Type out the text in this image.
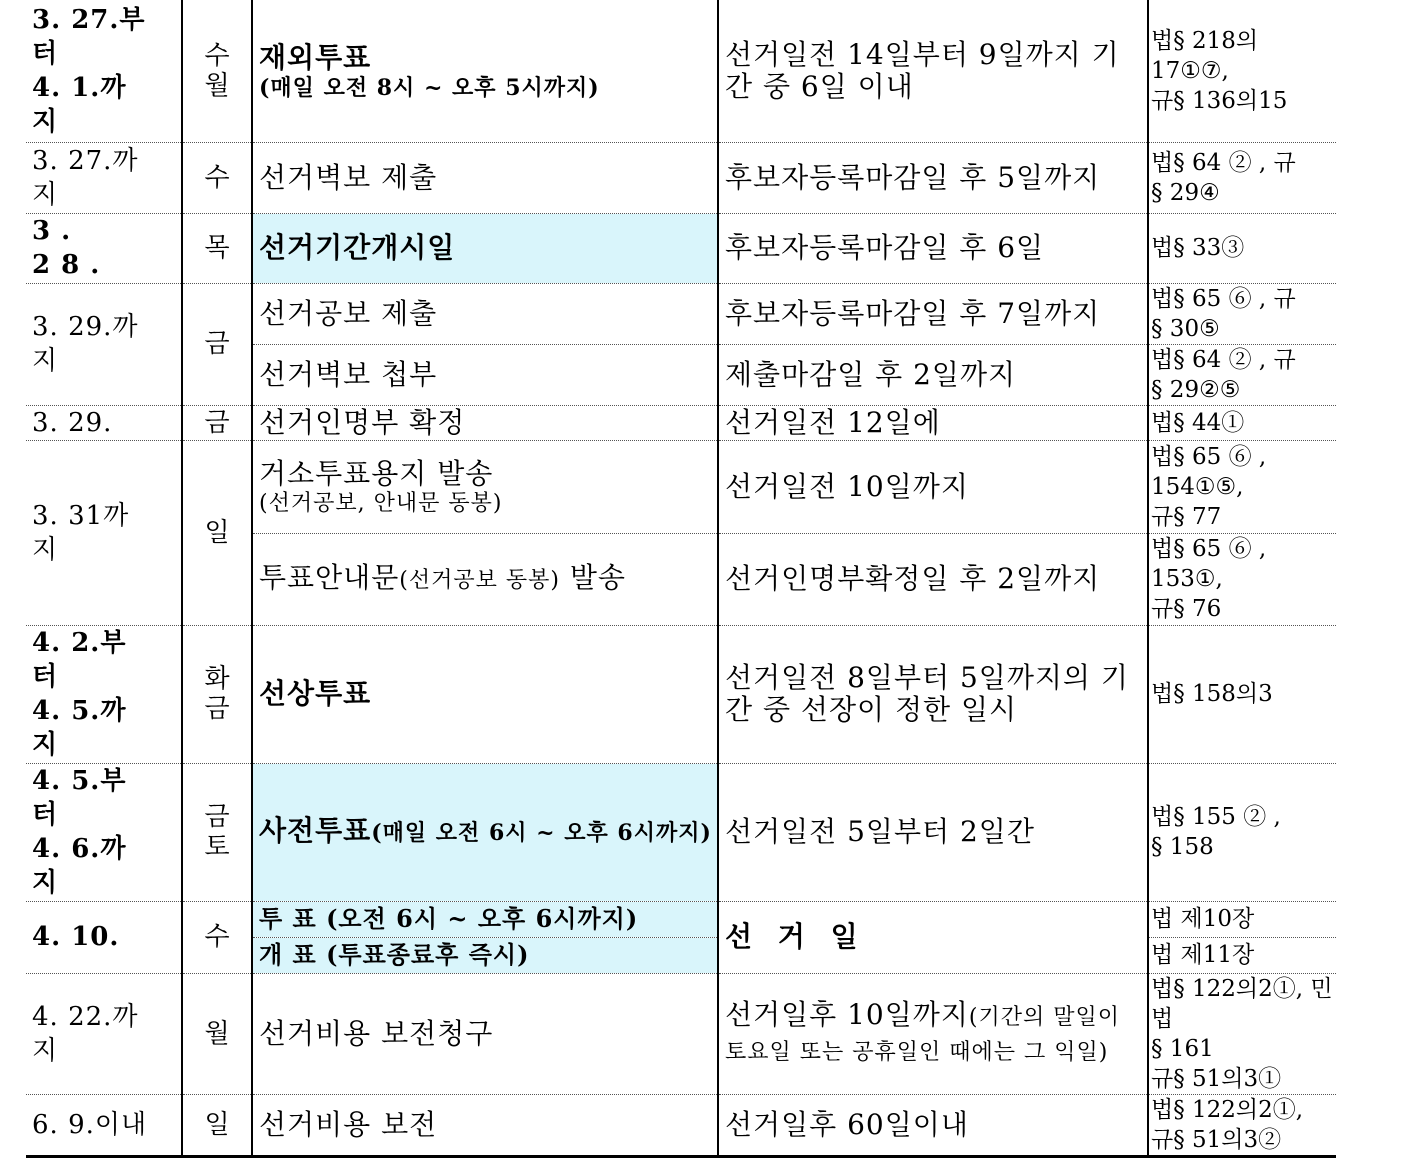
3. 27.부
터
4. 1.까
지	수
월	재외투표
(매일 오전 8시 ~ 오후 5시까지)	선거일전 14일부터 9일까지 기간 중 6일 이내	법§ 218의
17①⑦,
규§ 136의15
3. 27.까
지	수	선거벽보 제출	후보자등록마감일 후 5일까지	법§ 64 ② , 규
§ 29④
3 .
2 8 .	목	선거기간개시일	후보자등록마감일 후 6일	법§ 33③
3. 29.까
지	금	선거공보 제출	후보자등록마감일 후 7일까지	법§ 65 ⑥ , 규
§ 30⑤
		선거벽보 첩부	제출마감일 후 2일까지	법§ 64 ② , 규
§ 29②⑤
3. 29.	금	선거인명부 확정	선거일전 12일에	법§ 44①
3. 31까
지	일	거소투표용지 발송
(선거공보, 안내문 동봉)	선거일전 10일까지	법§ 65 ⑥ ,
154①⑤,
규§ 77
		투표안내문(선거공보 동봉) 발송	선거인명부확정일 후 2일까지	법§ 65 ⑥ ,
153①,
규§ 76
4. 2.부
터
4. 5.까
지	화
금	선상투표	선거일전 8일부터 5일까지의 기간 중 선장이 정한 일시	법§ 158의3
4. 5.부
터
4. 6.까
지	금
토	사전투표(매일 오전 6시 ~ 오후 6시까지)	선거일전 5일부터 2일간	법§ 155 ② ,
§ 158
4. 10.	수	투 표 (오전 6시 ~ 오후 6시까지)	선 거 일	법 제10장
		개 표 (투표종료후 즉시)		법 제11장
4. 22.까
지	월	선거비용 보전청구	선거일후 10일까지(기간의 말일이 토요일 또는 공휴일인 때에는 그 익일)	법§ 122의2①, 민법
§ 161
규§ 51의3①
6. 9.이내	일	선거비용 보전	선거일후 60일이내	법§ 122의2①,
규§ 51의3②
